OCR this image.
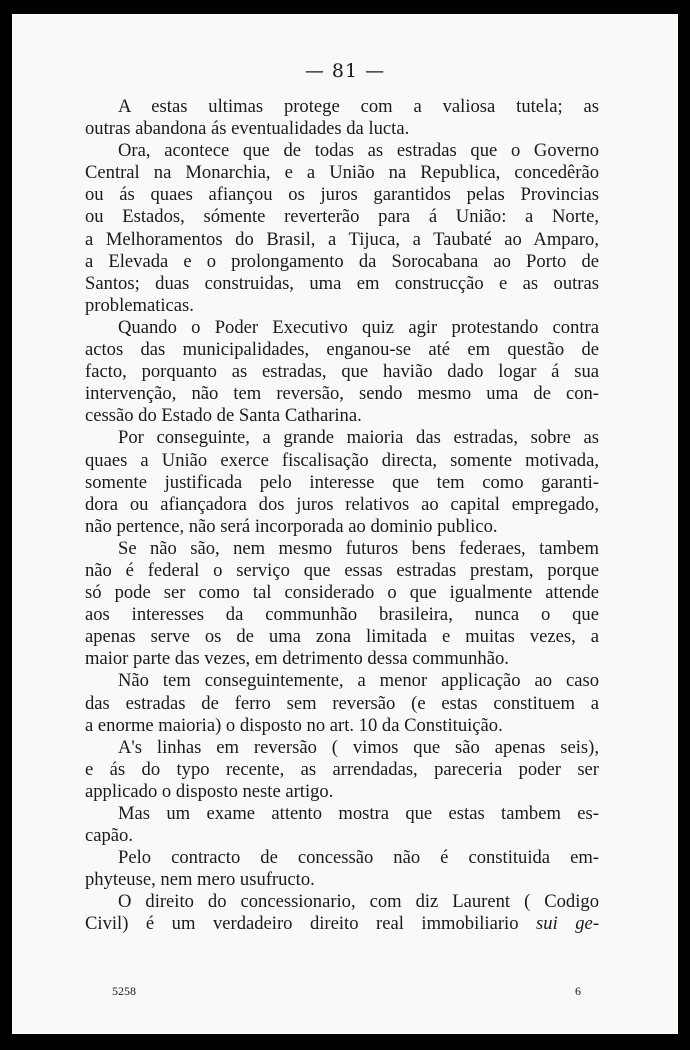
— 81 —
A estas ultimas protege com a valiosa tutela; as
outras abandona ás eventualidades da lucta.
Ora, acontece que de todas as estradas que o Governo
Central na Monarchia, e a União na Republica, concedêrão
ou ás quaes afiançou os juros garantidos pelas Provincias
ou Estados, sómente reverterão para á União: a Norte,
a Melhoramentos do Brasil, a Tijuca, a Taubaté ao Amparo,
a Elevada e o prolongamento da Sorocabana ao Porto de
Santos; duas construidas, uma em construcção e as outras
problematicas.
Quando o Poder Executivo quiz agir protestando contra
actos das municipalidades, enganou-se até em questão de
facto, porquanto as estradas, que havião dado logar á sua
intervenção, não tem reversão, sendo mesmo uma de con-
cessão do Estado de Santa Catharina.
Por conseguinte, a grande maioria das estradas, sobre as
quaes a União exerce fiscalisação directa, somente motivada,
somente justificada pelo interesse que tem como garanti-
dora ou afiançadora dos juros relativos ao capital empregado,
não pertence, não será incorporada ao dominio publico.
Se não são, nem mesmo futuros bens federaes, tambem
não é federal o serviço que essas estradas prestam, porque
só pode ser como tal considerado o que igualmente attende
aos interesses da communhão brasileira, nunca o que
apenas serve os de uma zona limitada e muitas vezes, a
maior parte das vezes, em detrimento dessa communhão.
Não tem conseguintemente, a menor applicação ao caso
das estradas de ferro sem reversão (e estas constituem a
a enorme maioria) o disposto no art. 10 da Constituição.
A's linhas em reversão ( vimos que são apenas seis),
e ás do typo recente, as arrendadas, pareceria poder ser
applicado o disposto neste artigo.
Mas um exame attento mostra que estas tambem es-
capão.
Pelo contracto de concessão não é constituida em-
phyteuse, nem mero usufructo.
O direito do concessionario, com diz Laurent ( Codigo
Civil) é um verdadeiro direito real immobiliario sui ge-
5258	6
